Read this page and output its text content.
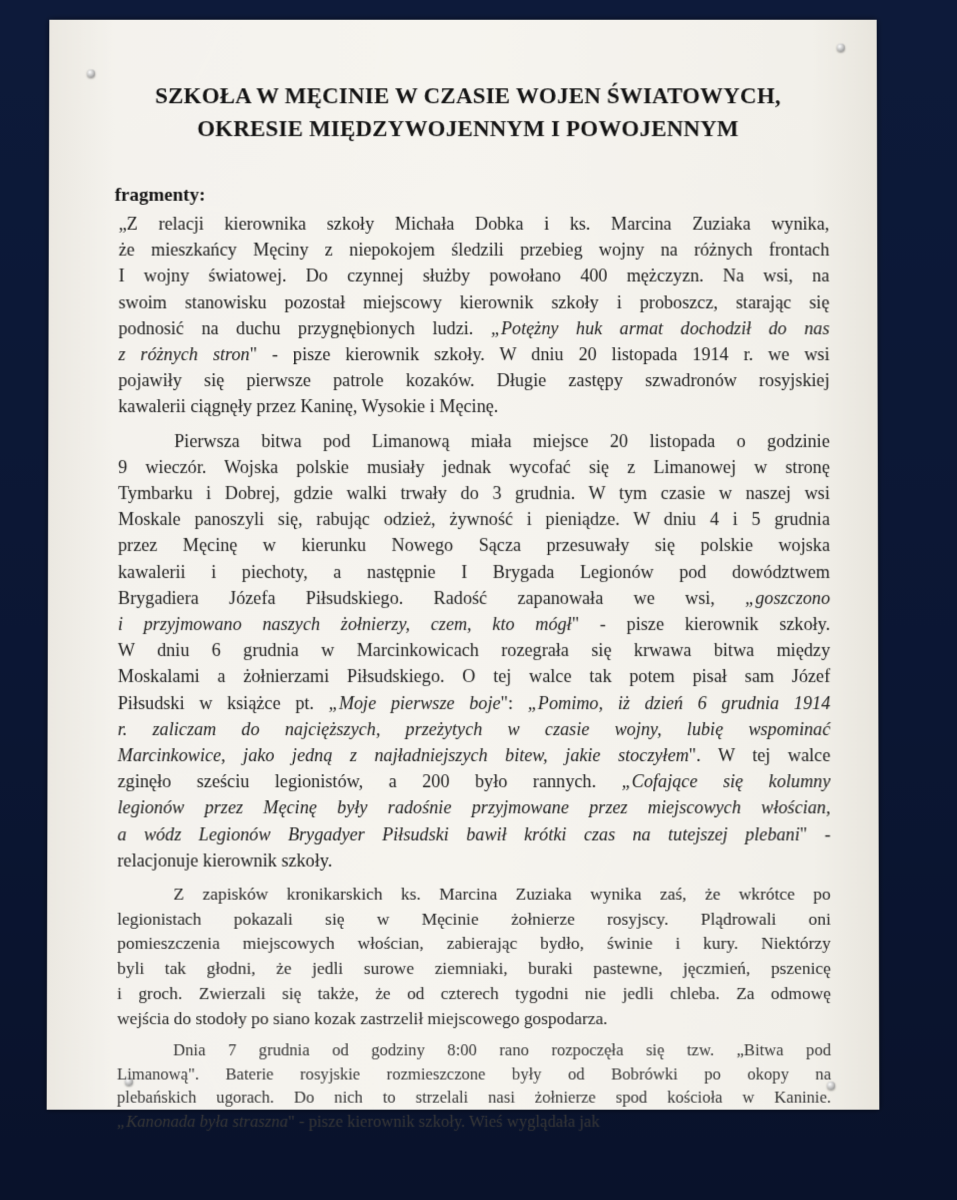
SZKOŁA W MĘCINIE W CZASIE WOJEN ŚWIATOWYCH,
OKRESIE MIĘDZYWOJENNYM I POWOJENNYM
fragmenty:
„Z relacji kierownika szkoły Michała Dobka i ks. Marcina Zuziaka wynika,
że mieszkańcy Męciny z niepokojem śledzili przebieg wojny na różnych frontach
I wojny światowej. Do czynnej służby powołano 400 mężczyzn. Na wsi, na
swoim stanowisku pozostał miejscowy kierownik szkoły i proboszcz, starając się
podnosić na duchu przygnębionych ludzi. „Potężny huk armat dochodził do nas
z różnych stron" - pisze kierownik szkoły. W dniu 20 listopada 1914 r. we wsi
pojawiły się pierwsze patrole kozaków. Długie zastępy szwadronów rosyjskiej
kawalerii ciągnęły przez Kaninę, Wysokie i Męcinę.
Pierwsza bitwa pod Limanową miała miejsce 20 listopada o godzinie
9 wieczór. Wojska polskie musiały jednak wycofać się z Limanowej w stronę
Tymbarku i Dobrej, gdzie walki trwały do 3 grudnia. W tym czasie w naszej wsi
Moskale panoszyli się, rabując odzież, żywność i pieniądze. W dniu 4 i 5 grudnia
przez Męcinę w kierunku Nowego Sącza przesuwały się polskie wojska
kawalerii i piechoty, a następnie I Brygada Legionów pod dowództwem
Brygadiera Józefa Piłsudskiego. Radość zapanowała we wsi, „goszczono
i przyjmowano naszych żołnierzy, czem, kto mógł" - pisze kierownik szkoły.
W dniu 6 grudnia w Marcinkowicach rozegrała się krwawa bitwa między
Moskalami a żołnierzami Piłsudskiego. O tej walce tak potem pisał sam Józef
Piłsudski w książce pt. „Moje pierwsze boje": „Pomimo, iż dzień 6 grudnia 1914
r. zaliczam do najcięższych, przeżytych w czasie wojny, lubię wspominać
Marcinkowice, jako jedną z najładniejszych bitew, jakie stoczyłem". W tej walce
zginęło sześciu legionistów, a 200 było rannych. „Cofające się kolumny
legionów przez Męcinę były radośnie przyjmowane przez miejscowych włościan,
a wódz Legionów Brygadyer Piłsudski bawił krótki czas na tutejszej plebani" -
relacjonuje kierownik szkoły.
Z zapisków kronikarskich ks. Marcina Zuziaka wynika zaś, że wkrótce po
legionistach pokazali się w Męcinie żołnierze rosyjscy. Plądrowali oni
pomieszczenia miejscowych włościan, zabierając bydło, świnie i kury. Niektórzy
byli tak głodni, że jedli surowe ziemniaki, buraki pastewne, jęczmień, pszenicę
i groch. Zwierzali się także, że od czterech tygodni nie jedli chleba. Za odmowę
wejścia do stodoły po siano kozak zastrzelił miejscowego gospodarza.
Dnia 7 grudnia od godziny 8:00 rano rozpoczęła się tzw. „Bitwa pod
Limanową". Baterie rosyjskie rozmieszczone były od Bobrówki po okopy na
plebańskich ugorach. Do nich to strzelali nasi żołnierze spod kościoła w Kaninie.
„Kanonada była straszna" - pisze kierownik szkoły. Wieś wyglądała jak
